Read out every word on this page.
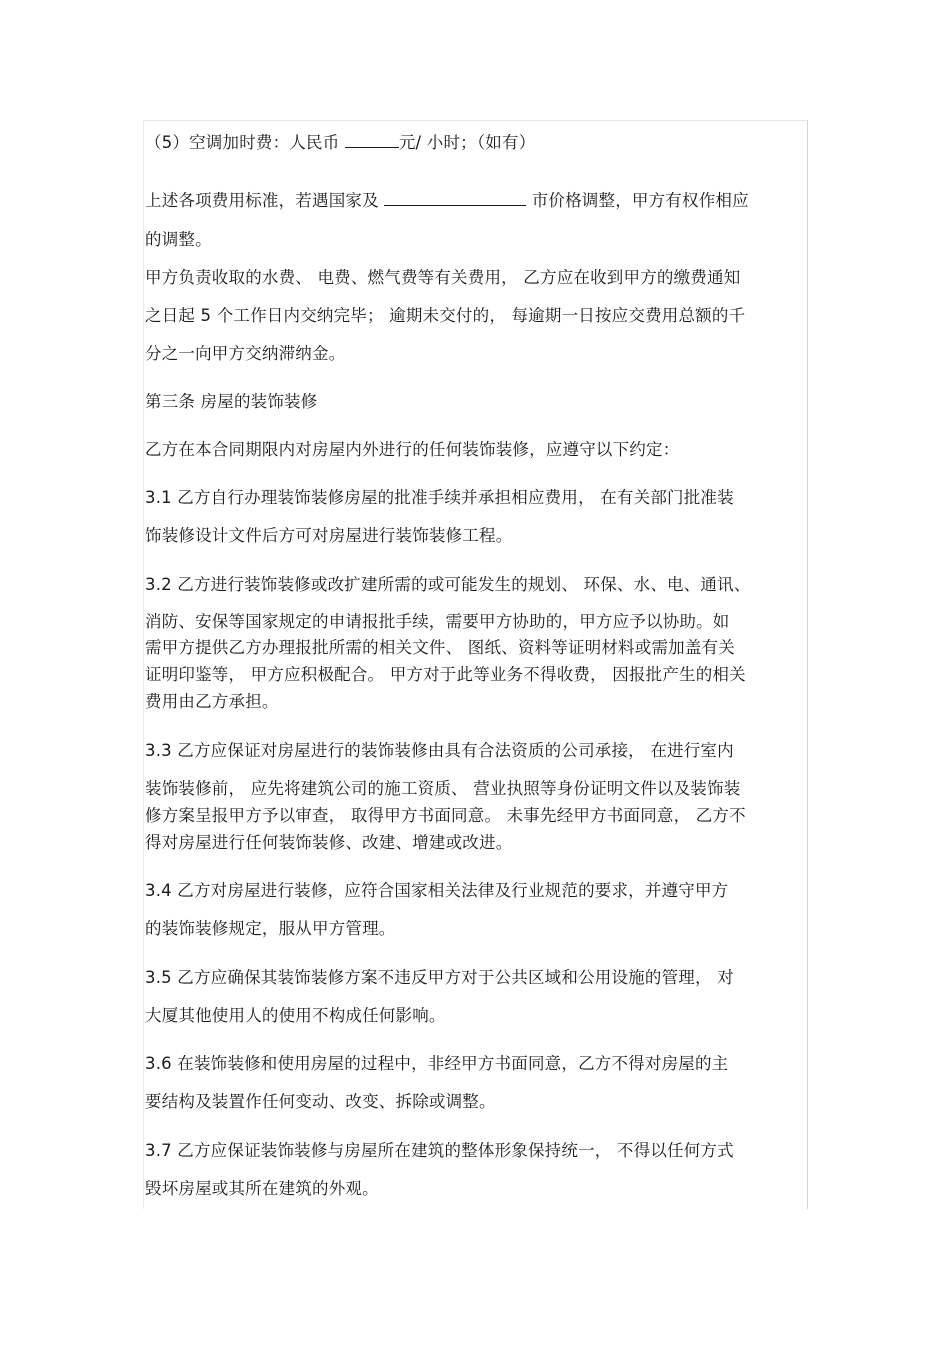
（5）空调加时费：人民币	元/ 小时；（如有）
上述各项费用标准，若遇国家及	市价格调整，甲方有权作相应
的调整。
甲方负责收取的水费、 电费、燃气费等有关费用， 乙方应在收到甲方的缴费通知
之日起 5 个工作日内交纳完毕； 逾期未交付的， 每逾期一日按应交费用总额的千
分之一向甲方交纳滞纳金。
第三条 房屋的装饰装修
乙方在本合同期限内对房屋内外进行的任何装饰装修，应遵守以下约定：
3.1 乙方自行办理装饰装修房屋的批准手续并承担相应费用， 在有关部门批准装
饰装修设计文件后方可对房屋进行装饰装修工程。
3.2 乙方进行装饰装修或改扩建所需的或可能发生的规划、 环保、水、电、通讯、
消防、安保等国家规定的申请报批手续，需要甲方协助的，甲方应予以协助。如
需甲方提供乙方办理报批所需的相关文件、 图纸、资料等证明材料或需加盖有关
证明印鉴等， 甲方应积极配合。 甲方对于此等业务不得收费， 因报批产生的相关
费用由乙方承担。
3.3 乙方应保证对房屋进行的装饰装修由具有合法资质的公司承接， 在进行室内
装饰装修前， 应先将建筑公司的施工资质、 营业执照等身份证明文件以及装饰装
修方案呈报甲方予以审查， 取得甲方书面同意。 未事先经甲方书面同意， 乙方不
得对房屋进行任何装饰装修、改建、增建或改进。
3.4 乙方对房屋进行装修，应符合国家相关法律及行业规范的要求，并遵守甲方
的装饰装修规定，服从甲方管理。
3.5 乙方应确保其装饰装修方案不违反甲方对于公共区域和公用设施的管理， 对
大厦其他使用人的使用不构成任何影响。
3.6 在装饰装修和使用房屋的过程中，非经甲方书面同意，乙方不得对房屋的主
要结构及装置作任何变动、改变、拆除或调整。
3.7 乙方应保证装饰装修与房屋所在建筑的整体形象保持统一， 不得以任何方式
毁坏房屋或其所在建筑的外观。
